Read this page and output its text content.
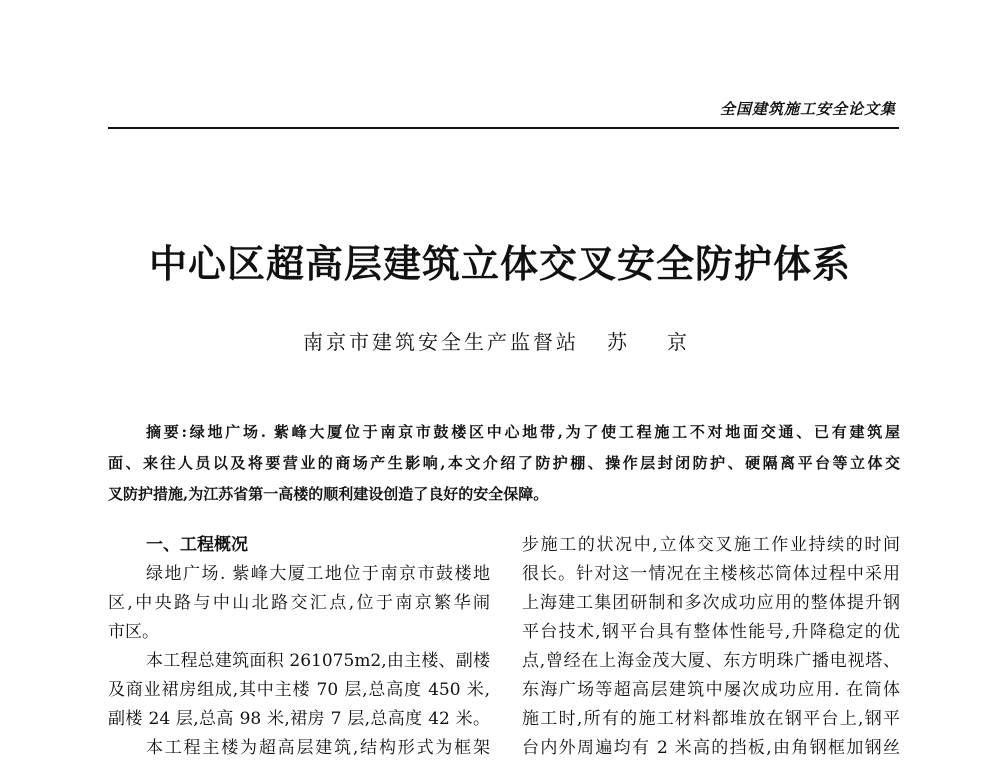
全国建筑施工安全论文集
中心区超高层建筑立体交叉安全防护体系
南京市建筑安全生产监督站 苏　京
摘要:绿地广场. 紫峰大厦位于南京市鼓楼区中心地带,为了使工程施工不对地面交通、已有建筑屋
面、来往人员以及将要营业的商场产生影响,本文介绍了防护棚、操作层封闭防护、硬隔离平台等立体交
叉防护措施,为江苏省第一高楼的顺利建设创造了良好的安全保障。
一、工程概况
绿地广场. 紫峰大厦工地位于南京市鼓楼地
区,中央路与中山北路交汇点,位于南京繁华闹
市区。
本工程总建筑面积 261075m2,由主楼、副楼
及商业裙房组成,其中主楼 70 层,总高度 450 米,
副楼 24 层,总高 98 米,裙房 7 层,总高度 42 米。
本工程主楼为超高层建筑,结构形式为框架
步施工的状况中,立体交叉施工作业持续的时间
很长。针对这一情况在主楼核芯筒体过程中采用
上海建工集团研制和多次成功应用的整体提升钢
平台技术,钢平台具有整体性能号,升降稳定的优
点,曾经在上海金茂大厦、东方明珠广播电视塔、
东海广场等超高层建筑中屡次成功应用. 在筒体
施工时,所有的施工材料都堆放在钢平台上,钢平
台内外周遍均有 2 米高的挡板,由角钢框加钢丝
